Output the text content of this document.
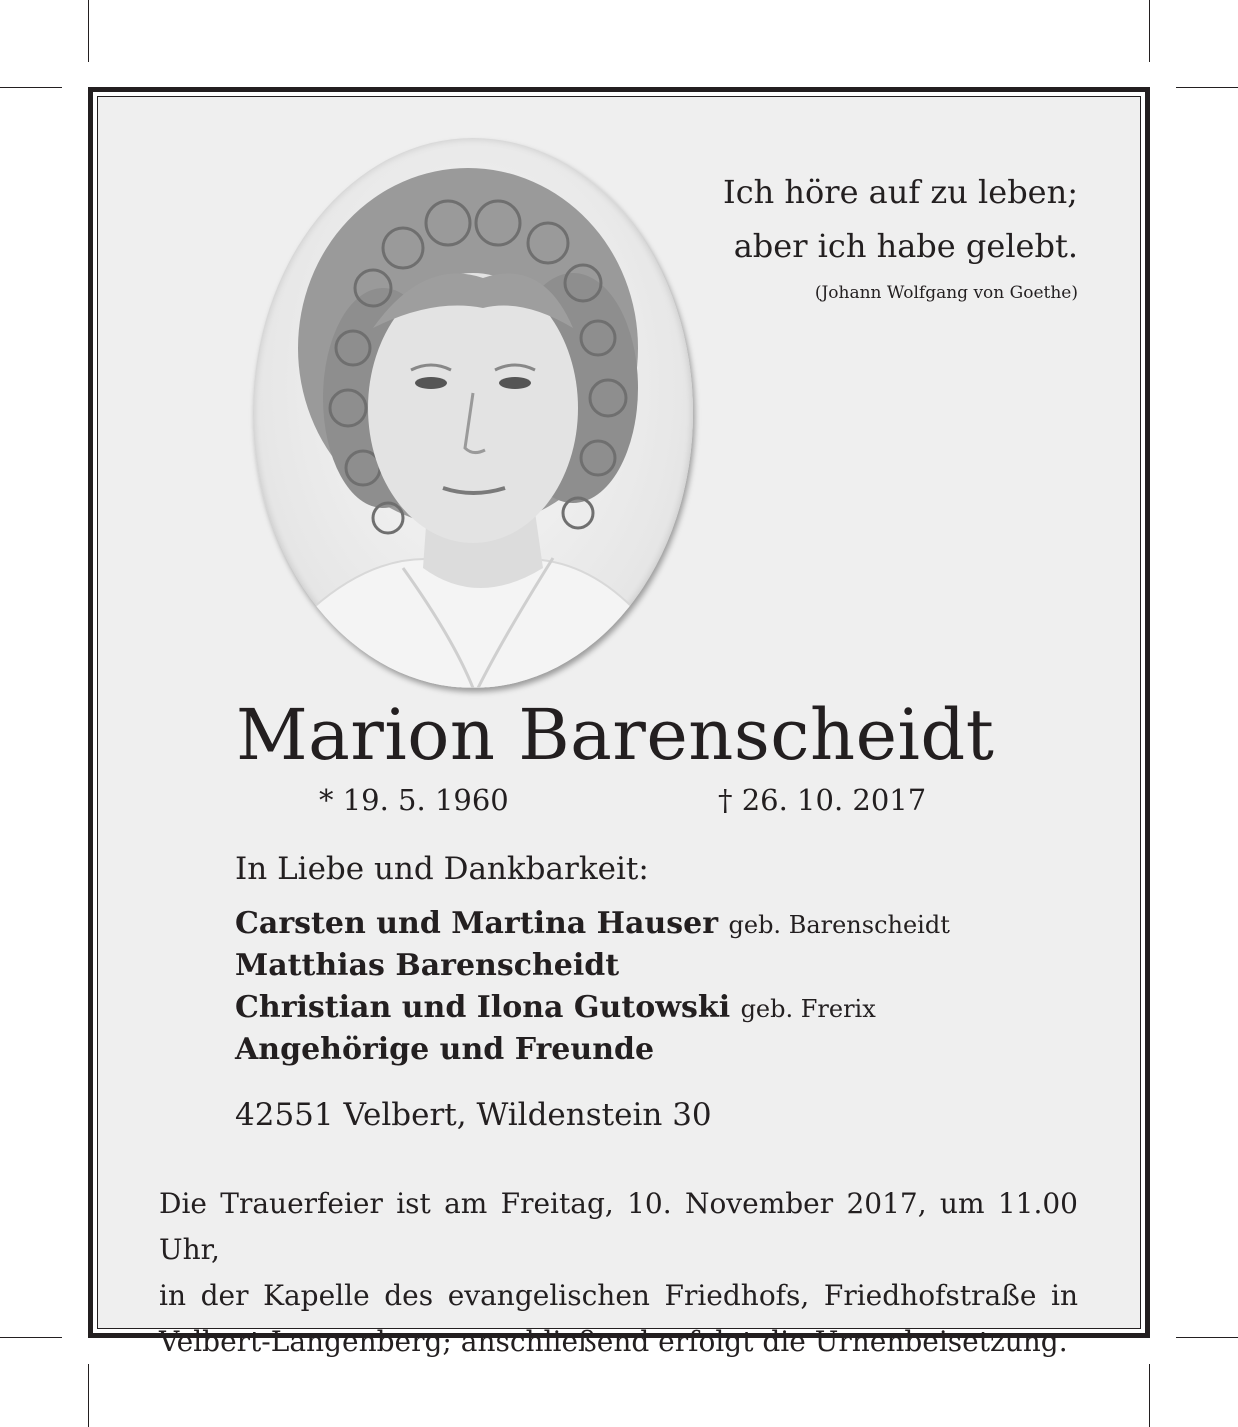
Ich höre auf zu leben;
aber ich habe gelebt.
(Johann Wolfgang von Goethe)
Marion Barenscheidt
* 19. 5. 1960	† 26. 10. 2017
In Liebe und Dankbarkeit:
Carsten und Martina Hauser geb. Barenscheidt
Matthias Barenscheidt
Christian und Ilona Gutowski geb. Frerix
Angehörige und Freunde
42551 Velbert, Wildenstein 30
Die Trauerfeier ist am Freitag, 10. November 2017, um 11.00 Uhr,
in der Kapelle des evangelischen Friedhofs, Friedhofstraße in
Velbert-Langenberg; anschließend erfolgt die Urnenbeisetzung.
